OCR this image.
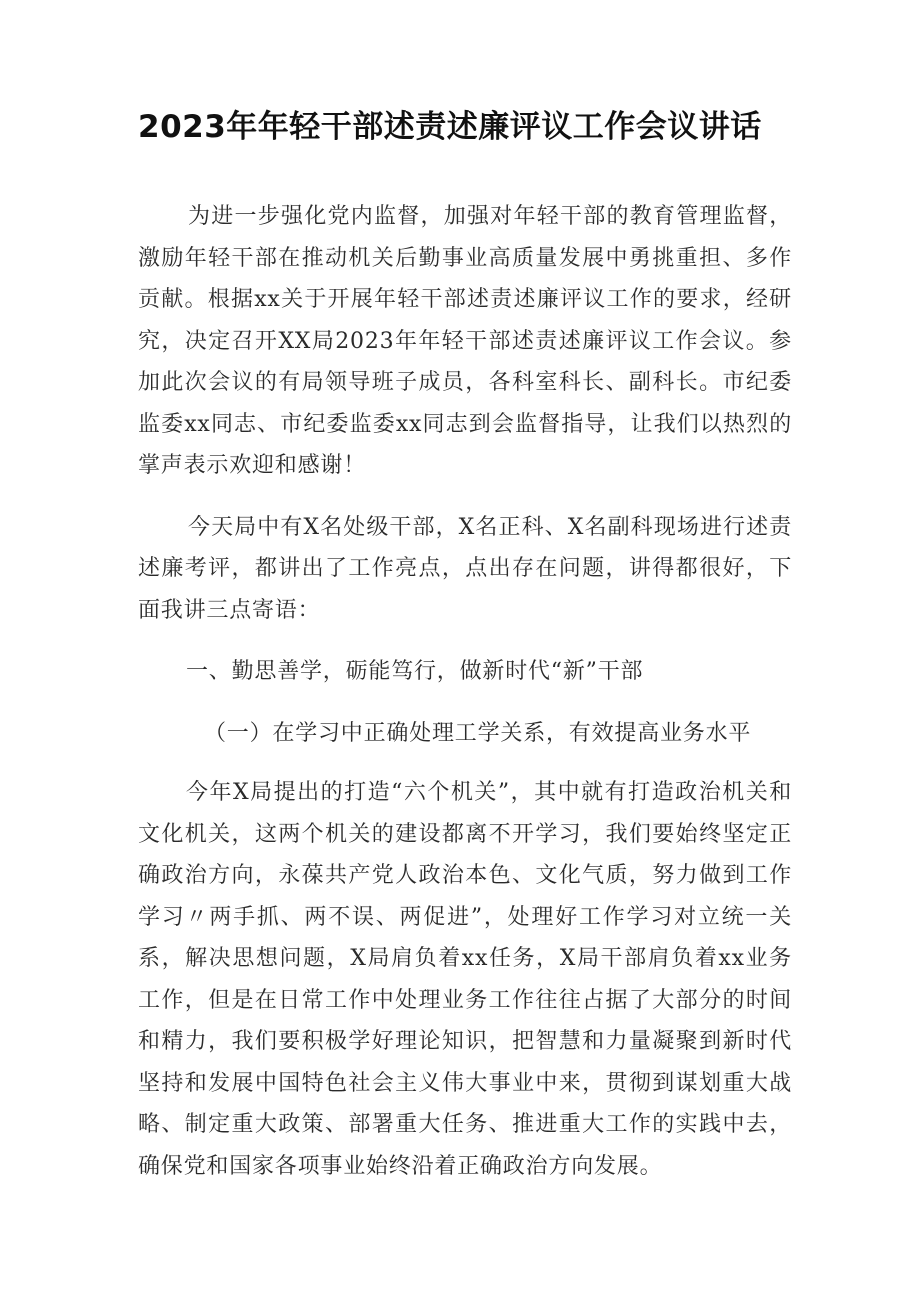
2023年年轻干部述责述廉评议工作会议讲话

为进一步强化党内监督，加强对年轻干部的教育管理监督，激励年轻干部在推动机关后勤事业高质量发展中勇挑重担、多作贡献。根据xx关于开展年轻干部述责述廉评议工作的要求，经研究，决定召开XX局2023年年轻干部述责述廉评议工作会议。参加此次会议的有局领导班子成员，各科室科长、副科长。市纪委监委xx同志、市纪委监委xx同志到会监督指导，让我们以热烈的掌声表示欢迎和感谢！

今天局中有X名处级干部，X名正科、X名副科现场进行述责述廉考评，都讲出了工作亮点，点出存在问题，讲得都很好，下面我讲三点寄语：

一、勤思善学，砺能笃行，做新时代“新”干部

（一）在学习中正确处理工学关系，有效提高业务水平

今年X局提出的打造“六个机关”，其中就有打造政治机关和文化机关，这两个机关的建设都离不开学习，我们要始终坚定正确政治方向，永葆共产党人政治本色、文化气质，努力做到工作学习〃两手抓、两不误、两促进”，处理好工作学习对立统一关系，解决思想问题，X局肩负着xx任务，X局干部肩负着xx业务工作，但是在日常工作中处理业务工作往往占据了大部分的时间和精力，我们要积极学好理论知识，把智慧和力量凝聚到新时代坚持和发展中国特色社会主义伟大事业中来，贯彻到谋划重大战略、制定重大政策、部署重大任务、推进重大工作的实践中去，确保党和国家各项事业始终沿着正确政治方向发展。
